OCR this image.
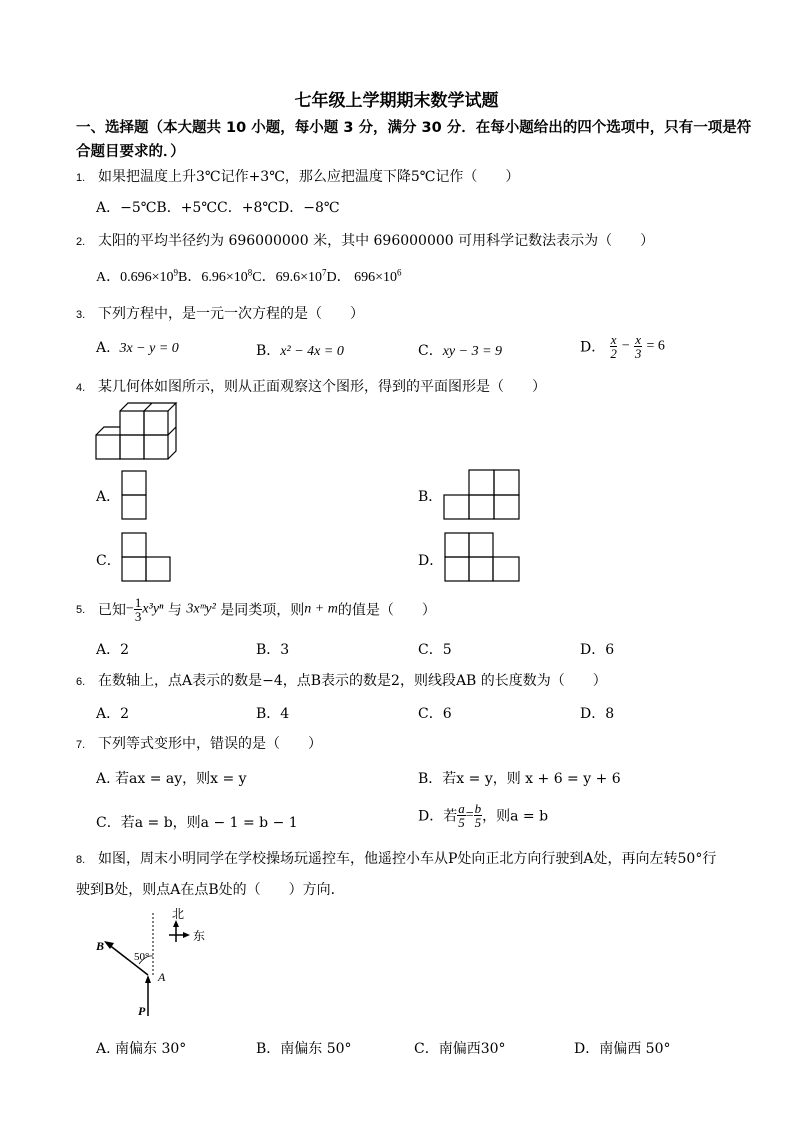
七年级上学期期末数学试题
一、选择题（本大题共 10 小题，每小题 3 分，满分 30 分．在每小题给出的四个选项中，只有一项是符合题目要求的．）
1. 如果把温度上升3℃记作+3℃，那么应把温度下降5℃记作（　　）
A．−5℃B．+5℃C．+8℃D．−8℃
2. 太阳的平均半径约为 696000000 米，其中 696000000 可用科学记数法表示为（　　）
A．$0.696\times 10^9B$．$6.96\times 10^8C$．$69.6\times 10^7D$． $696\times 10^6$
3. 下列方程中，是一元一次方程的是（　　）
A. 3x − y = 0	B．x² − 4x = 0	C．xy − 3 = 9	D． $\frac{x}{2} - \frac{x}{3} = 6$
4. 某几何体如图所示，则从正面观察这个图形，得到的平面图形是（　　）
A．	B．
C．	D．
5. 已知− $\frac{1}{3} x^3y^n$ 与 3xᵐy² 是同类项，则n + m的值是（　　）
A．2	B．3	C．5	D．6
6. 在数轴上，点A表示的数是−4，点B表示的数是2，则线段AB 的长度数为（　　）
A．2	B．4	C．6	D．8
7. 下列等式变形中，错误的是（　　）
A. 若ax = ay，则x = y	B．若x = y，则 x + 6 = y + 6
C．若a = b，则a − 1 = b − 1	D．若 $\frac{a}{5} = \frac{b}{5}$ ，则a = b
8. 如图，周末小明同学在学校操场玩遥控车，他遥控小车从P处向正北方向行驶到A处，再向左转50°行
驶到B处，则点A在点B处的（　　）方向．
北
东
B
A
P
50°
A. 南偏东 30°	B．南偏东 50°	C．南偏西30°	D．南偏西 50°
